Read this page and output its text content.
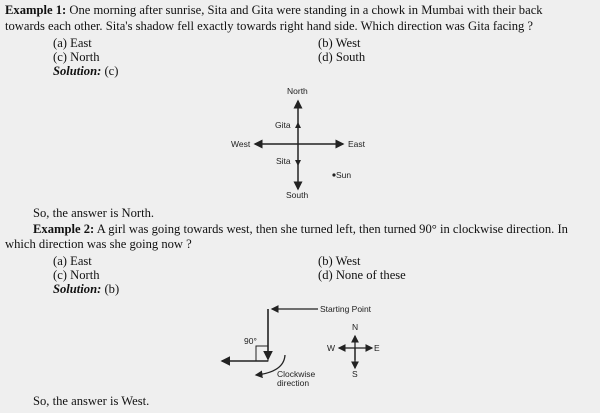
Example 1: One morning after sunrise, Sita and Gita were standing in a chowk in Mumbai with their back
towards each other. Sita's shadow fell exactly towards right hand side. Which direction was Gita facing ?
(a) East	(b) West
(c) North	(d) South
Solution: (c)
North
South
West	East
Gita
Sita
Sun
Starting Point
90°
Clockwise
direction
N
S
W	E
So, the answer is North.
Example 2: A girl was going towards west, then she turned left, then turned 90° in clockwise direction. In
which direction was she going now ?
(a) East	(b) West
(c) North	(d) None of these
Solution: (b)
So, the answer is West.
